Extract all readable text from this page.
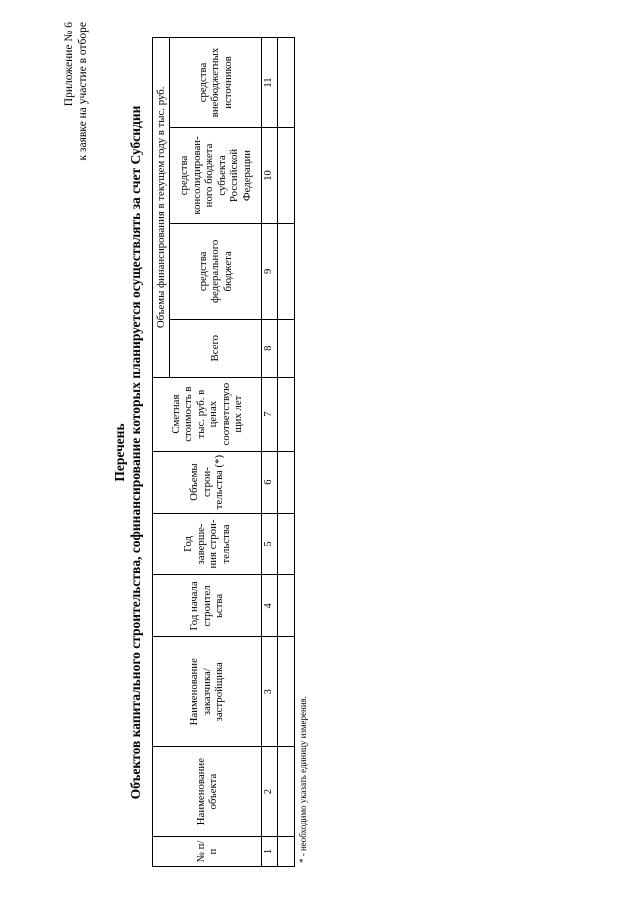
Приложение № 6 к заявке на участие в отборе
Перечень Объектов капитального строительства, софинансирование которых планируется осуществлять за счет Субсидии
№ п/п	Наименование объекта	Наименование заказчика/ застройщика	Год начала строител ьства	Год заверше-ния строи-тельства	Объемы строи-тельства (*)	Сметная стоимость в тыс. руб. в ценах соответствую щих лет	Объемы финансирования в текущем году в тыс. руб.			
							Всего	средства федерального бюджета	средства консолидирован-ного бюджета субъекта Российской Федерации	средства внебюджетных источников
1	2	3	4	5	6	7	8	9	10	11

* - необходимо указать единицу измерения.
